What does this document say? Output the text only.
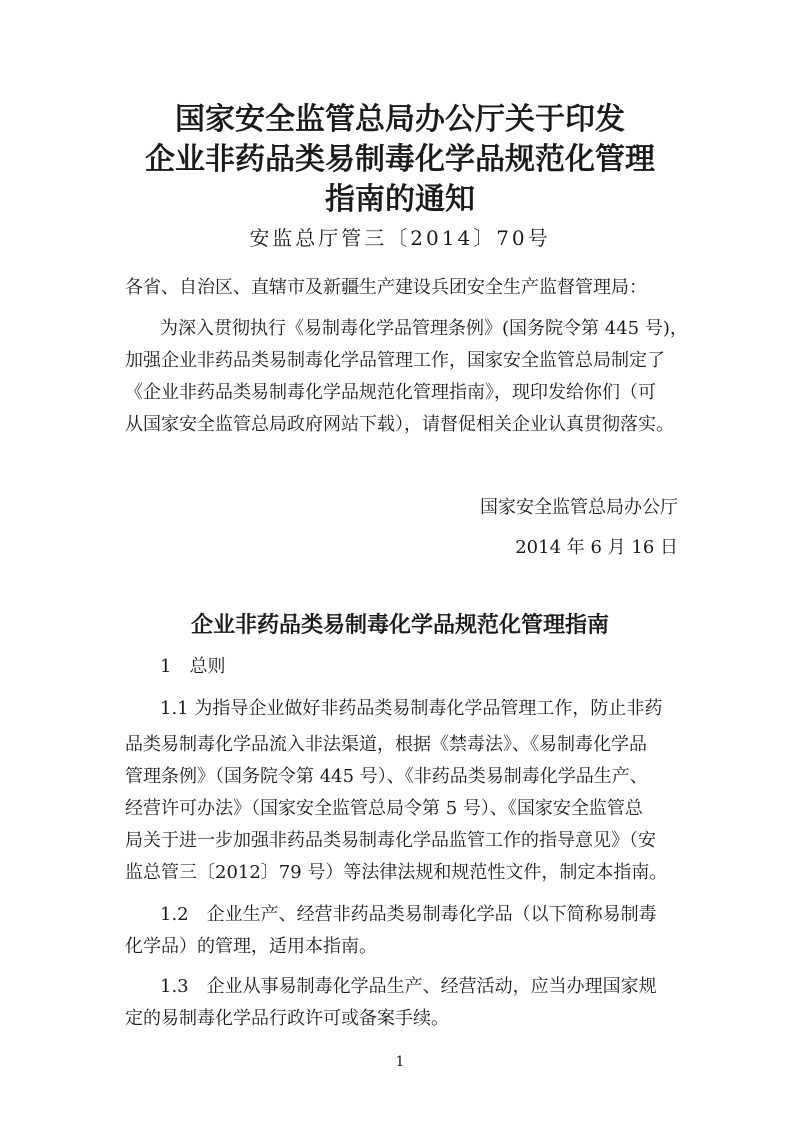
国家安全监管总局办公厅关于印发
企业非药品类易制毒化学品规范化管理
指南的通知
安监总厅管三〔2014〕70号
各省、自治区、直辖市及新疆生产建设兵团安全生产监督管理局：
为深入贯彻执行《易制毒化学品管理条例》(国务院令第 445 号)，
加强企业非药品类易制毒化学品管理工作，国家安全监管总局制定了
《企业非药品类易制毒化学品规范化管理指南》，现印发给你们（可
从国家安全监管总局政府网站下载），请督促相关企业认真贯彻落实。
国家安全监管总局办公厅
2014 年 6 月 16 日
企业非药品类易制毒化学品规范化管理指南
1　总则
1.1 为指导企业做好非药品类易制毒化学品管理工作，防止非药
品类易制毒化学品流入非法渠道，根据《禁毒法》、《易制毒化学品
管理条例》（国务院令第 445 号）、《非药品类易制毒化学品生产、
经营许可办法》（国家安全监管总局令第 5 号）、《国家安全监管总
局关于进一步加强非药品类易制毒化学品监管工作的指导意见》（安
监总管三〔2012〕79 号）等法律法规和规范性文件，制定本指南。
1.2　企业生产、经营非药品类易制毒化学品（以下简称易制毒
化学品）的管理，适用本指南。
1.3　企业从事易制毒化学品生产、经营活动，应当办理国家规
定的易制毒化学品行政许可或备案手续。
1
